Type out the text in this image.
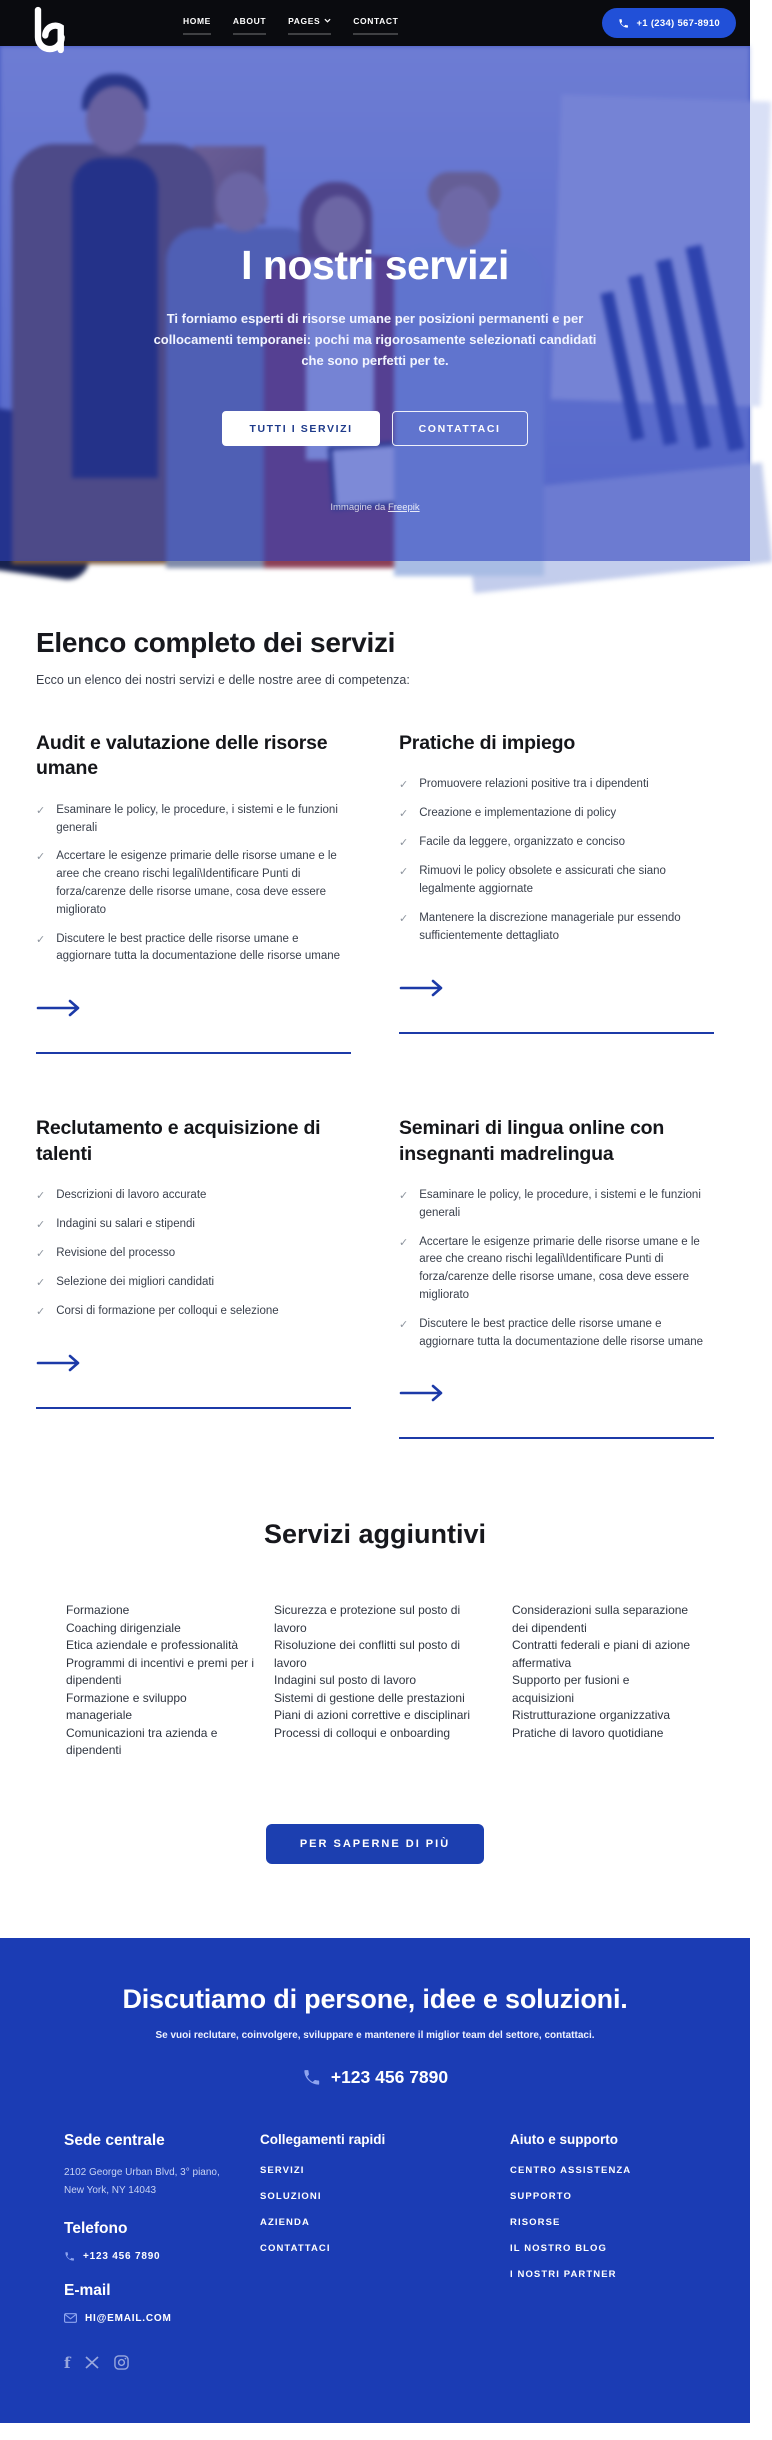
HOME	ABOUT	PAGES	CONTACT	+1 (234) 567-8910
I nostri servizi

Ti forniamo esperti di risorse umane per posizioni permanenti e per collocamenti temporanei: pochi ma rigorosamente selezionati candidati che sono perfetti per te.

TUTTI I SERVIZI	CONTATTACI
Immagine da Freepik
Elenco completo dei servizi

Ecco un elenco dei nostri servizi e delle nostre aree di competenza:

Audit e valutazione delle risorse umane
✓
Esaminare le policy, le procedure, i sistemi e le funzioni generali
✓
Accertare le esigenze primarie delle risorse umane e le aree che creano rischi legali\Identificare Punti di forza/carenze delle risorse umane, cosa deve essere migliorato
✓
Discutere le best practice delle risorse umane e aggiornare tutta la documentazione delle risorse umane
Pratiche di impiego
✓
Promuovere relazioni positive tra i dipendenti
✓
Creazione e implementazione di policy
✓
Facile da leggere, organizzato e conciso
✓
Rimuovi le policy obsolete e assicurati che siano legalmente aggiornate
✓
Mantenere la discrezione manageriale pur essendo sufficientemente dettagliato
Reclutamento e acquisizione di talenti
✓
Descrizioni di lavoro accurate
✓
Indagini su salari e stipendi
✓
Revisione del processo
✓
Selezione dei migliori candidati
✓
Corsi di formazione per colloqui e selezione
Seminari di lingua online con insegnanti madrelingua
✓
Esaminare le policy, le procedure, i sistemi e le funzioni generali
✓
Accertare le esigenze primarie delle risorse umane e le aree che creano rischi legali\Identificare Punti di forza/carenze delle risorse umane, cosa deve essere migliorato
✓
Discutere le best practice delle risorse umane e aggiornare tutta la documentazione delle risorse umane
Servizi aggiuntivi
Formazione
Coaching dirigenziale
Etica aziendale e professionalità
Programmi di incentivi e premi per i dipendenti
Formazione e sviluppo manageriale
Comunicazioni tra azienda e dipendenti
Sicurezza e protezione sul posto di lavoro
Risoluzione dei conflitti sul posto di lavoro
Indagini sul posto di lavoro
Sistemi di gestione delle prestazioni
Piani di azioni correttive e disciplinari
Processi di colloqui e onboarding
Considerazioni sulla separazione dei dipendenti
Contratti federali e piani di azione affermativa
Supporto per fusioni e acquisizioni
Ristrutturazione organizzativa
Pratiche di lavoro quotidiane
PER SAPERNE DI PIÙ
Discutiamo di persone, idee e soluzioni.

Se vuoi reclutare, coinvolgere, sviluppare e mantenere il miglior team del settore, contattaci.

+123 456 7890
Sede centrale

2102 George Urban Blvd, 3° piano,
New York, NY 14043

Telefono
+123 456 7890
E-mail
HI@EMAIL.COM
f
Collegamenti rapidi
SERVIZI
SOLUZIONI
AZIENDA
CONTATTACI
Aiuto e supporto
CENTRO ASSISTENZA
SUPPORTO
RISORSE
IL NOSTRO BLOG
I NOSTRI PARTNER

Sample text. Click to select the Text Element.
